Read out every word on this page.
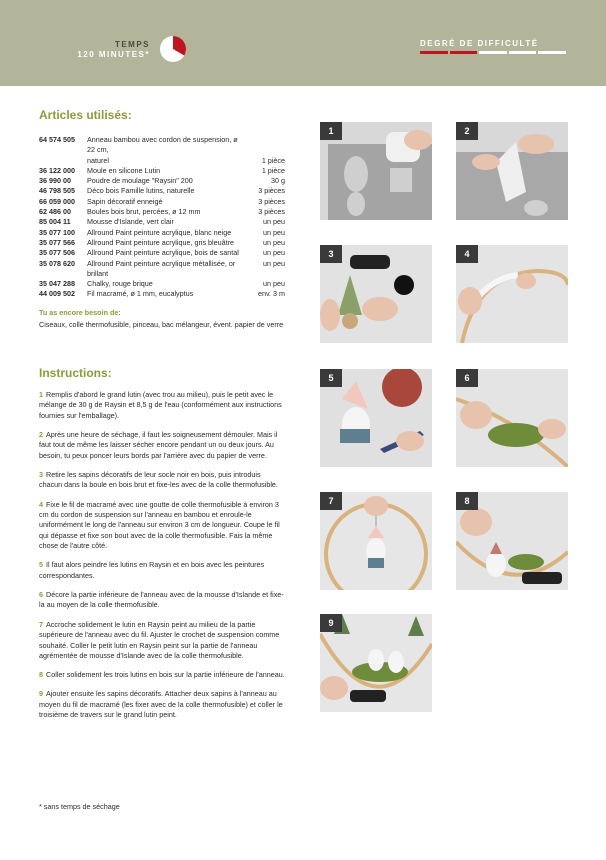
TEMPS
120 MINUTES*
DEGRÉ DE DIFFICULTÉ
Articles utilisés:
64 574 505	Anneau bambou avec cordon de suspension, ø 22 cm,
naturel	1 pièce
36 122 000	Moule en silicone Lutin	1 pièce
36 990 00	Poudre de moulage "Raysin" 200	30 g
46 798 505	Déco bois Famille lutins, naturelle	3 pièces
66 059 000	Sapin décoratif enneigé	3 pièces
62 486 00	Boules bois brut, percées, ø 12 mm	3 pièces
85 004 11	Mousse d'Islande, vert clair	un peu
35 077 100	Allround Paint peinture acrylique, blanc neige	un peu
35 077 566	Allround Paint peinture acrylique, gris bleuâtre	un peu
35 077 506	Allround Paint peinture acrylique, bois de santal	un peu
35 078 620	Allround Paint peinture acrylique métallisée, or brillant
un peu
35 047 288	Chalky, rouge brique	un peu
44 009 502	Fil macramé, ø 1 mm, eucalyptus	env. 3 m
Tu as encore besoin de:
Ciseaux, colle thermofusible, pinceau, bac mélangeur, évent. papier de verre
Instructions:
1 Remplis d'abord le grand lutin (avec trou au milieu), puis le petit avec le mélange de 30 g de Raysin et 8,5 g de l'eau (conformément aux instructions fournies sur l'emballage).
2 Après une heure de séchage, il faut les soigneusement démouler. Mais il faut tout de même les laisser sécher encore pendant un ou deux jours. Au besoin, tu peux poncer leurs bords par l'arrière avec du papier de verre.
3 Retire les sapins décoratifs de leur socle noir en bois, puis introduis chacun dans la boule en bois brut et fixe-les avec de la colle thermofusible.
4 Fixe le fil de macramé avec une goutte de colle thermofusible à environ 3 cm du cordon de suspension sur l'anneau en bambou et enroule-le uniformément le long de l'anneau sur environ 3 cm de longueur. Coupe le fil qui dépasse et fixe son bout avec de la colle thermofusible. Fais la même chose de l'autre côté.
5 Il faut alors peindre les lutins en Raysin et en bois avec les peintures correspondantes.
6 Décore la partie inférieure de l'anneau avec de la mousse d'Islande et fixe-la au moyen de la colle thermofusible.
7 Accroche solidement le lutin en Raysin peint au milieu de la partie supérieure de l'anneau avec du fil. Ajuster le crochet de suspension comme souhaité. Coller le petit lutin en Raysin peint sur la partie de l'anneau agrémentée de mousse d'Islande avec de la colle thermofusible.
8 Coller solidement les trois lutins en bois sur la partie inférieure de l'anneau.
9 Ajouter ensuite les sapins décoratifs. Attacher deux sapins à l'anneau au moyen du fil de macramé (les fixer avec de la colle thermofusible) et coller le troisième de travers sur le grand lutin peint.
* sans temps de séchage
1	2
3	4
5	6
7	8
9
